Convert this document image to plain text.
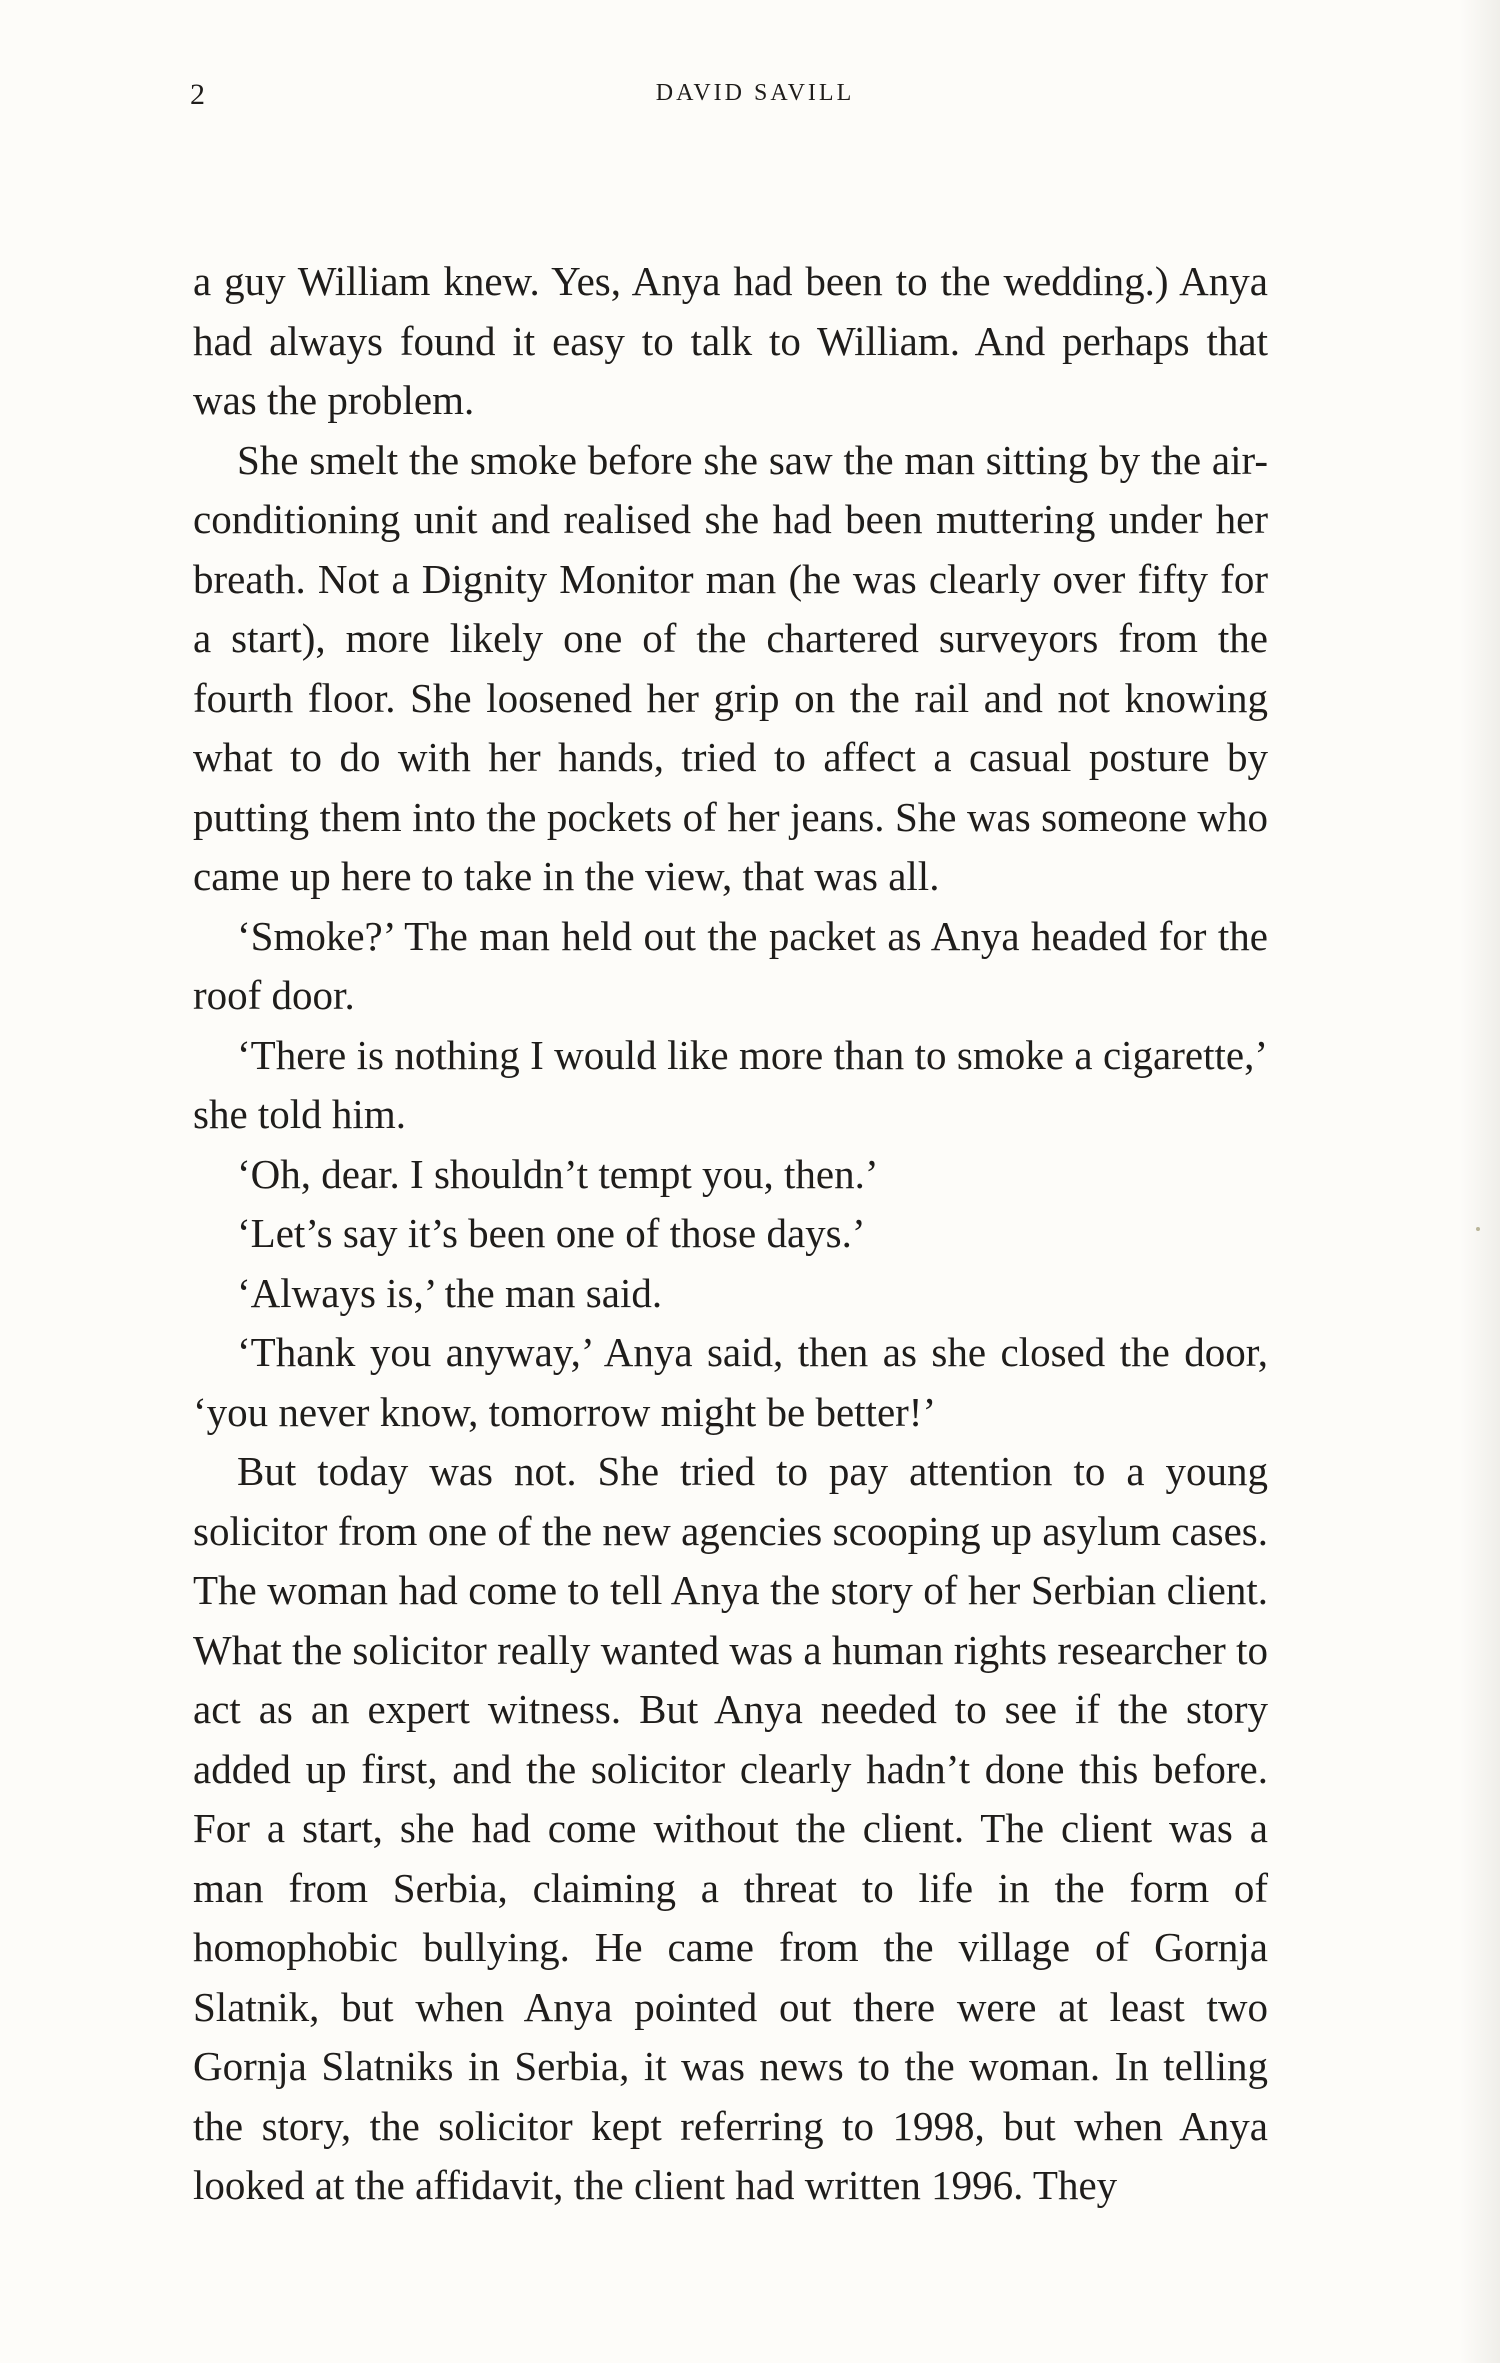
2	DAVID SAVILL

a guy William knew. Yes, Anya had been to the wedding.) Anya had always found it easy to talk to William. And perhaps that was the problem.

She smelt the smoke before she saw the man sitting by the air-conditioning unit and realised she had been muttering under her breath. Not a Dignity Monitor man (he was clearly over fifty for a start), more likely one of the chartered surveyors from the fourth floor. She loosened her grip on the rail and not knowing what to do with her hands, tried to affect a casual posture by putting them into the pockets of her jeans. She was someone who came up here to take in the view, that was all.

‘Smoke?’ The man held out the packet as Anya headed for the roof door.

‘There is nothing I would like more than to smoke a cigarette,’ she told him.

‘Oh, dear. I shouldn’t tempt you, then.’

‘Let’s say it’s been one of those days.’

‘Always is,’ the man said.

‘Thank you anyway,’ Anya said, then as she closed the door, ‘you never know, tomorrow might be better!’

But today was not. She tried to pay attention to a young solicitor from one of the new agencies scooping up asylum cases. The woman had come to tell Anya the story of her Serbian client. What the solicitor really wanted was a human rights researcher to act as an expert witness. But Anya needed to see if the story added up first, and the solicitor clearly hadn’t done this before. For a start, she had come without the client. The client was a man from Serbia, claiming a threat to life in the form of homophobic bullying. He came from the village of Gornja Slatnik, but when Anya pointed out there were at least two Gornja Slatniks in Serbia, it was news to the woman. In telling the story, the solicitor kept referring to 1998, but when Anya looked at the affidavit, the client had written 1996. They
